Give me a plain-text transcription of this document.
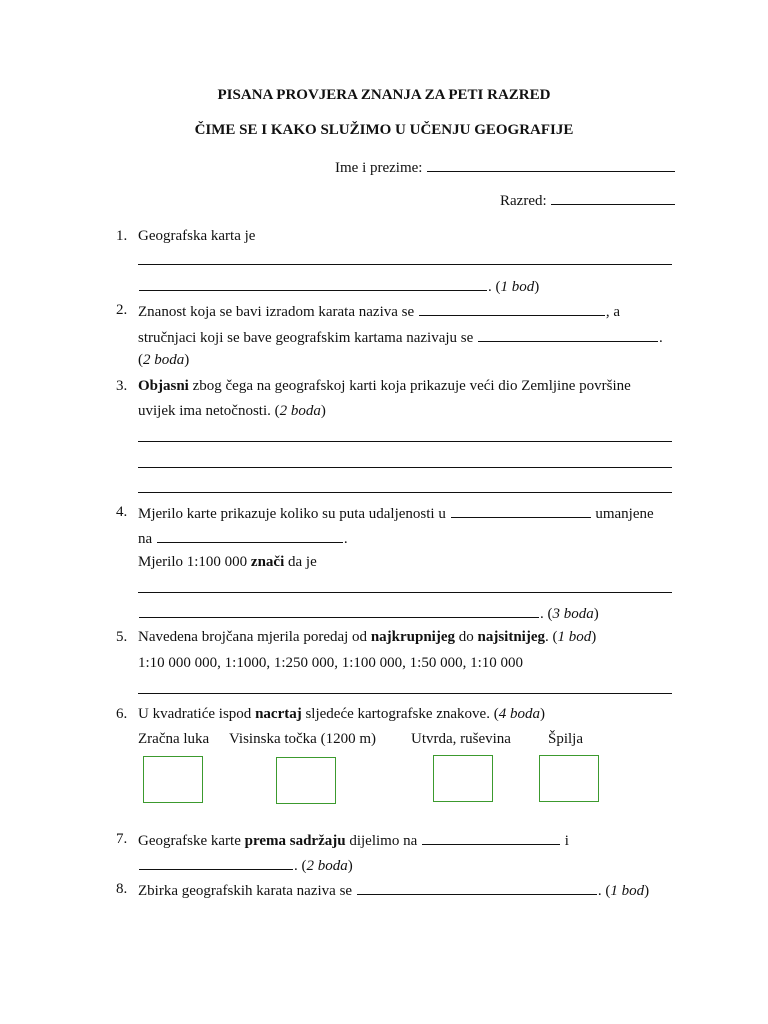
PISANA PROVJERA ZNANJA ZA PETI RAZRED
ČIME SE I KAKO SLUŽIMO U UČENJU GEOGRAFIJE
Ime i prezime:
Razred:
1. Geografska karta je
. (1 bod)
2. Znanost koja se bavi izradom karata naziva se	, a
stručnjaci koji se bave geografskim kartama nazivaju se	.
(2 boda)
3. Objasni zbog čega na geografskoj karti koja prikazuje veći dio Zemljine površine
uvijek ima netočnosti. (2 boda)
4. Mjerilo karte prikazuje koliko su puta udaljenosti u	umanjene
na	.
Mjerilo 1:100 000 znači da je
. (3 boda)
5. Navedena brojčana mjerila poredaj od najkrupnijeg do najsitnijeg. (1 bod)
1:10 000 000, 1:1000, 1:250 000, 1:100 000, 1:50 000, 1:10 000
6. U kvadratiće ispod nacrtaj sljedeće kartografske znakove. (4 boda)
Zračna luka Visinska točka (1200 m) Utvrda, ruševina Špilja
7. Geografske karte prema sadržaju dijelimo na	i
. (2 boda)
8. Zbirka geografskih karata naziva se	. (1 bod)
